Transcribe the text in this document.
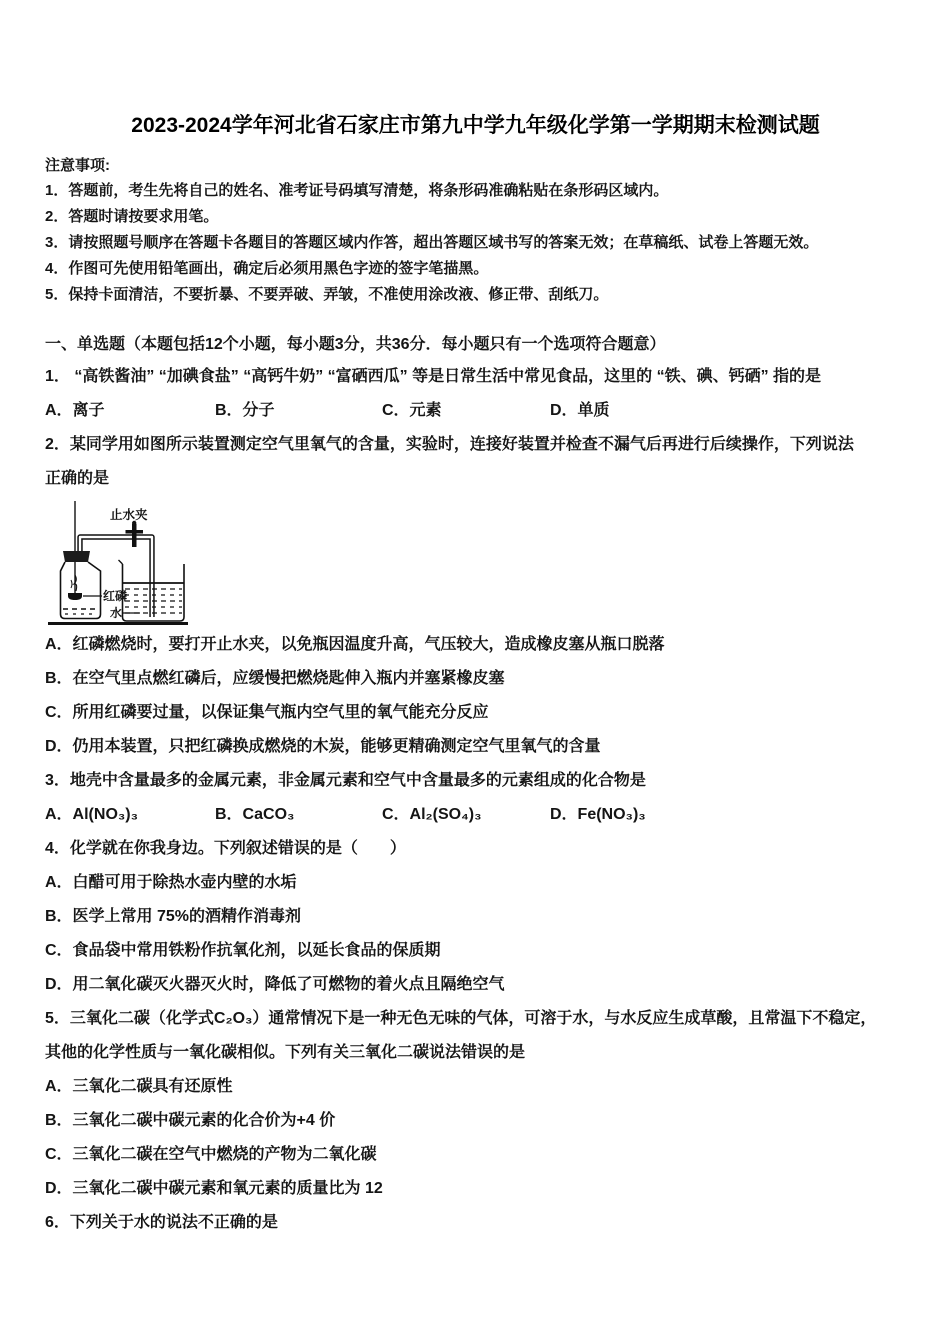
2023-2024学年河北省石家庄市第九中学九年级化学第一学期期末检测试题
注意事项:
1．答题前，考生先将自己的姓名、准考证号码填写清楚，将条形码准确粘贴在条形码区域内。
2．答题时请按要求用笔。
3．请按照题号顺序在答题卡各题目的答题区域内作答，超出答题区域书写的答案无效；在草稿纸、试卷上答题无效。
4．作图可先使用铅笔画出，确定后必须用黑色字迹的签字笔描黑。
5．保持卡面清洁，不要折暴、不要弄破、弄皱，不准使用涂改液、修正带、刮纸刀。
一、单选题（本题包括12个小题，每小题3分，共36分．每小题只有一个选项符合题意）
1． “高铁酱油” “加碘食盐” “高钙牛奶” “富硒西瓜” 等是日常生活中常见食品，这里的 “铁、碘、钙硒” 指的是
A．离子	B．分子	C．元素	D．单质
2．某同学用如图所示装置测定空气里氧气的含量，实验时，连接好装置并检查不漏气后再进行后续操作，下列说法
正确的是
止水夹
红磷
水
A．红磷燃烧时，要打开止水夹，以免瓶因温度升高，气压较大，造成橡皮塞从瓶口脱落
B．在空气里点燃红磷后，应缓慢把燃烧匙伸入瓶内并塞紧橡皮塞
C．所用红磷要过量，以保证集气瓶内空气里的氧气能充分反应
D．仍用本装置，只把红磷换成燃烧的木炭，能够更精确测定空气里氧气的含量
3．地壳中含量最多的金属元素，非金属元素和空气中含量最多的元素组成的化合物是
A．Al(NO₃)₃	B．CaCO₃	C．Al₂(SO₄)₃	D．Fe(NO₃)₃
4．化学就在你我身边。下列叙述错误的是（　　）
A．白醋可用于除热水壶内壁的水垢
B．医学上常用 75%的酒精作消毒剂
C．食品袋中常用铁粉作抗氧化剂，以延长食品的保质期
D．用二氧化碳灭火器灭火时，降低了可燃物的着火点且隔绝空气
5．三氧化二碳（化学式C₂O₃）通常情况下是一种无色无味的气体，可溶于水，与水反应生成草酸，且常温下不稳定，
其他的化学性质与一氧化碳相似。下列有关三氧化二碳说法错误的是
A．三氧化二碳具有还原性
B．三氧化二碳中碳元素的化合价为+4 价
C．三氧化二碳在空气中燃烧的产物为二氧化碳
D．三氧化二碳中碳元素和氧元素的质量比为 12
6．下列关于水的说法不正确的是
